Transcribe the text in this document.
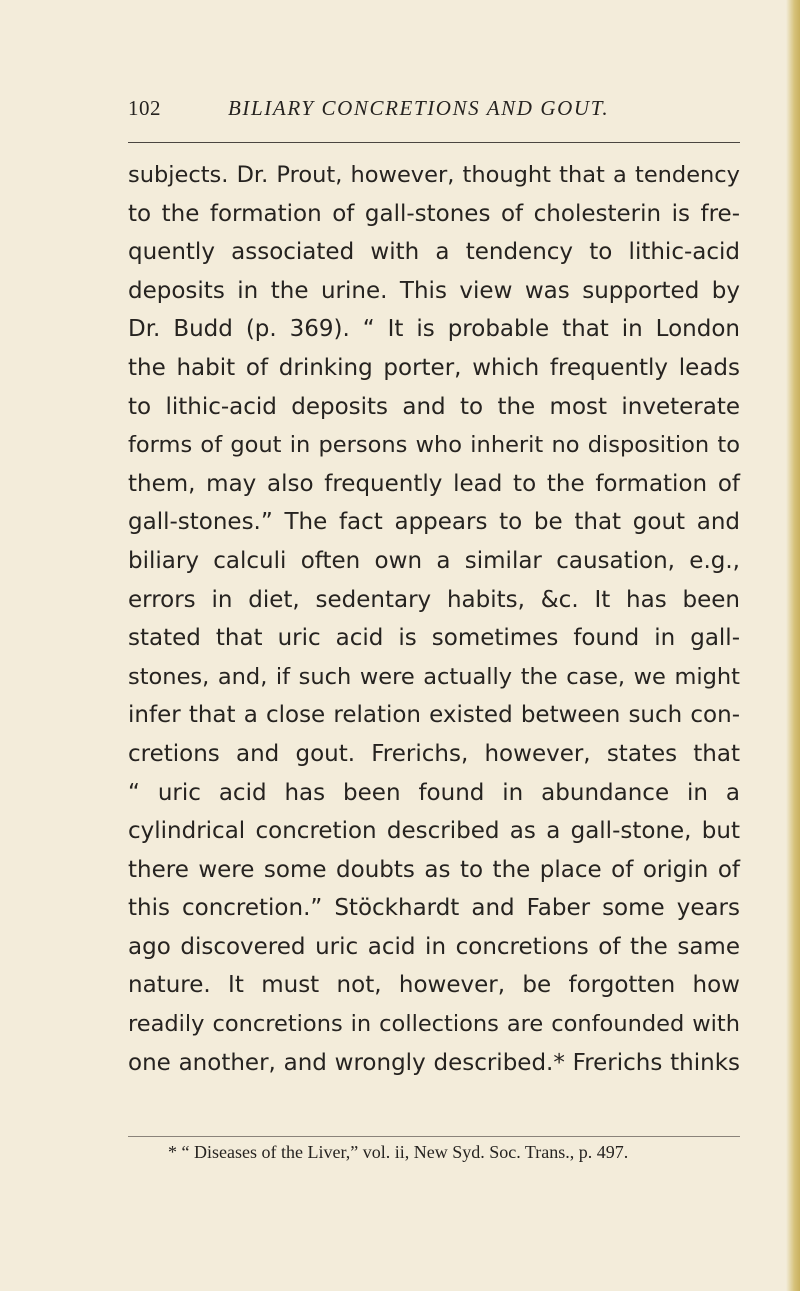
102	BILIARY CONCRETIONS AND GOUT.
subjects. Dr. Prout, however, thought that a tendency
to the formation of gall-stones of cholesterin is fre-
quently associated with a tendency to lithic-acid
deposits in the urine. This view was supported by
Dr. Budd (p. 369). “ It is probable that in London
the habit of drinking porter, which frequently leads
to lithic-acid deposits and to the most inveterate
forms of gout in persons who inherit no disposition to
them, may also frequently lead to the formation of
gall-stones.” The fact appears to be that gout and
biliary calculi often own a similar causation, e.g.,
errors in diet, sedentary habits, &c. It has been
stated that uric acid is sometimes found in gall-
stones, and, if such were actually the case, we might
infer that a close relation existed between such con-
cretions and gout. Frerichs, however, states that
“ uric acid has been found in abundance in a
cylindrical concretion described as a gall-stone, but
there were some doubts as to the place of origin of
this concretion.” Stöckhardt and Faber some years
ago discovered uric acid in concretions of the same
nature. It must not, however, be forgotten how
readily concretions in collections are confounded with
one another, and wrongly described.* Frerichs thinks
* “ Diseases of the Liver,” vol. ii, New Syd. Soc. Trans., p. 497.
